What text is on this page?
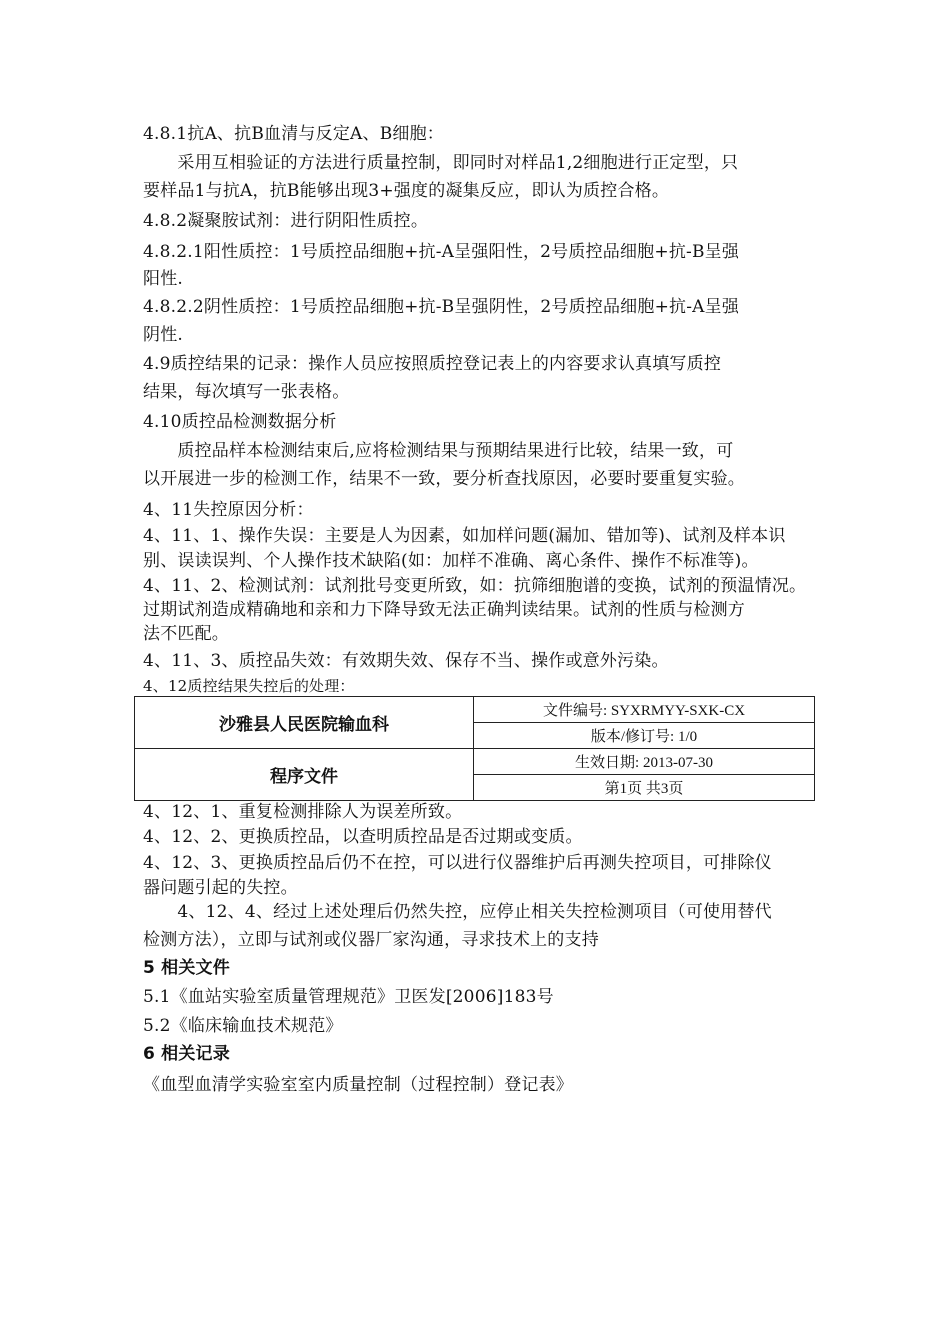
4.8.1抗A、抗B血清与反定A、B细胞：
　　采用互相验证的方法进行质量控制，即同时对样品1,2细胞进行正定型，只
要样品1与抗A，抗B能够出现3+强度的凝集反应，即认为质控合格。
4.8.2凝聚胺试剂：进行阴阳性质控。
4.8.2.1阳性质控：1号质控品细胞+抗-A呈强阳性，2号质控品细胞+抗-B呈强
阳性.
4.8.2.2阴性质控：1号质控品细胞+抗-B呈强阴性，2号质控品细胞+抗-A呈强
阴性.
4.9质控结果的记录：操作人员应按照质控登记表上的内容要求认真填写质控
结果，每次填写一张表格。
4.10质控品检测数据分析
　　质控品样本检测结束后,应将检测结果与预期结果进行比较，结果一致，可
以开展进一步的检测工作，结果不一致，要分析查找原因，必要时要重复实验。
4、11失控原因分析：
4、11、1、操作失误：主要是人为因素，如加样问题(漏加、错加等)、试剂及样本识
别、误读误判、个人操作技术缺陷(如：加样不准确、离心条件、操作不标准等)。
4、11、2、检测试剂：试剂批号变更所致，如：抗筛细胞谱的变换，试剂的预温情况。
过期试剂造成精确地和亲和力下降导致无法正确判读结果。试剂的性质与检测方
法不匹配。
4、11、3、质控品失效：有效期失效、保存不当、操作或意外污染。
4、12质控结果失控后的处理：
沙雅县人民医院输血科	文件编号: SYXRMYY-SXK-CX
	版本/修订号: 1/0
程序文件	生效日期: 2013-07-30
	第1页 共3页
4、12、1、重复检测排除人为误差所致。
4、12、2、更换质控品，以查明质控品是否过期或变质。
4、12、3、更换质控品后仍不在控，可以进行仪器维护后再测失控项目，可排除仪
器问题引起的失控。
　　4、12、4、经过上述处理后仍然失控，应停止相关失控检测项目（可使用替代
检测方法），立即与试剂或仪器厂家沟通，寻求技术上的支持
5 相关文件
5.1《血站实验室质量管理规范》卫医发[2006]183号
5.2《临床输血技术规范》
6 相关记录
《血型血清学实验室室内质量控制（过程控制）登记表》
